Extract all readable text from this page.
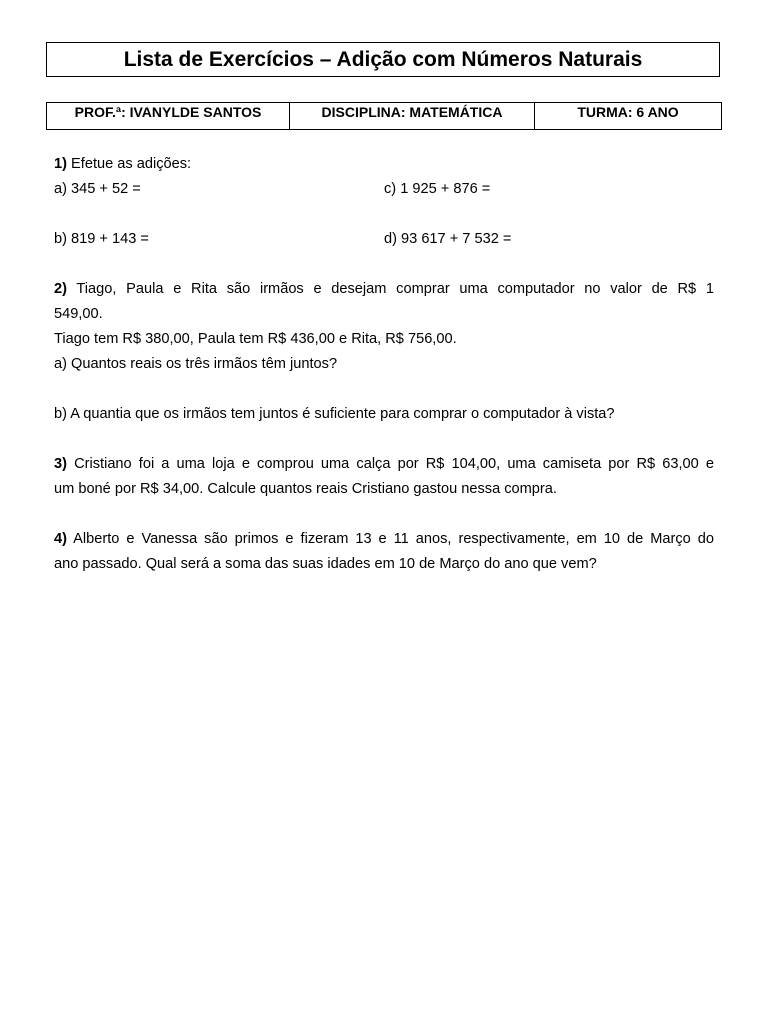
Lista de Exercícios – Adição com Números Naturais
PROF.ª: IVANYLDE SANTOS	DISCIPLINA: MATEMÁTICA	TURMA: 6 ANO
1) Efetue as adições:
a) 345 + 52 =	c) 1 925 + 876 =
b) 819 + 143 =	d) 93 617 + 7 532 =
2) Tiago, Paula e Rita são irmãos e desejam comprar uma computador no valor de R$ 1
549,00.
Tiago tem R$ 380,00, Paula tem R$ 436,00 e Rita, R$ 756,00.
a) Quantos reais os três irmãos têm juntos?
b) A quantia que os irmãos tem juntos é suficiente para comprar o computador à vista?
3) Cristiano foi a uma loja e comprou uma calça por R$ 104,00, uma camiseta por R$ 63,00 e
um boné por R$ 34,00. Calcule quantos reais Cristiano gastou nessa compra.
4) Alberto e Vanessa são primos e fizeram 13 e 11 anos, respectivamente, em 10 de Março do
ano passado. Qual será a soma das suas idades em 10 de Março do ano que vem?
